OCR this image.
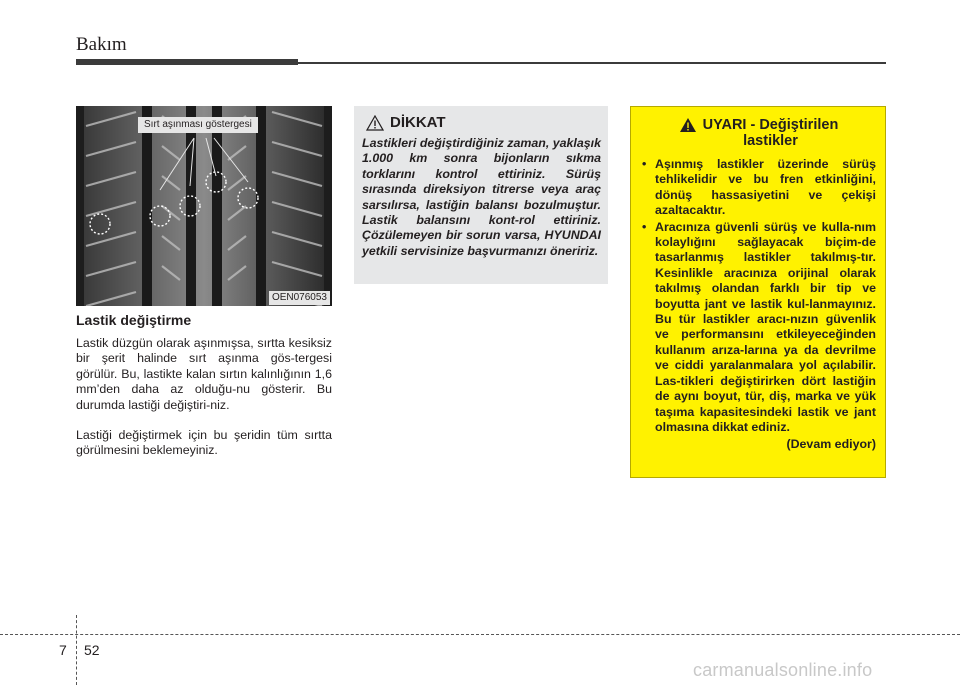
Bakım
Sırt aşınması göstergesi
OEN076053
Lastik değiştirme

Lastik düzgün olarak aşınmışsa, sırtta kesiksiz bir şerit halinde sırt aşınma gös-tergesi görülür. Bu, lastikte kalan sırtın kalınlığının 1,6 mm’den daha az olduğu-nu gösterir. Bu durumda lastiği değiştiri-niz.

Lastiği değiştirmek için bu şeridin tüm sırtta görülmesini beklemeyiniz.

DİKKAT

Lastikleri değiştirdiğiniz zaman, yaklaşık 1.000 km sonra bijonların sıkma torklarını kontrol ettiriniz. Sürüş sırasında direksiyon titrerse veya araç sarsılırsa, lastiğin balansı bozulmuştur. Lastik balansını kont-rol ettiriniz. Çözülemeyen bir sorun varsa, HYUNDAI yetkili servisinize başvurmanızı öneririz.

UYARI - Değiştirilen
lastikler
• Aşınmış lastikler üzerinde sürüş tehlikelidir ve bu fren etkinliğini, dönüş hassasiyetini ve çekişi azaltacaktır.
• Aracınıza güvenli sürüş ve kulla-nım kolaylığını sağlayacak biçim-de tasarlanmış lastikler takılmış-tır. Kesinlikle aracınıza orijinal olarak takılmış olandan farklı bir tip ve boyutta jant ve lastik kul-lanmayınız. Bu tür lastikler aracı-nızın güvenlik ve performansını etkileyeceğinden kullanım arıza-larına ya da devrilme ve ciddi yaralanmalara yol açılabilir. Las-tikleri değiştirirken dört lastiğin de aynı boyut, tür, diş, marka ve yük taşıma kapasitesindeki lastik ve jant olmasına dikkat ediniz.
(Devam ediyor)
7 52
carmanualsonline.info
